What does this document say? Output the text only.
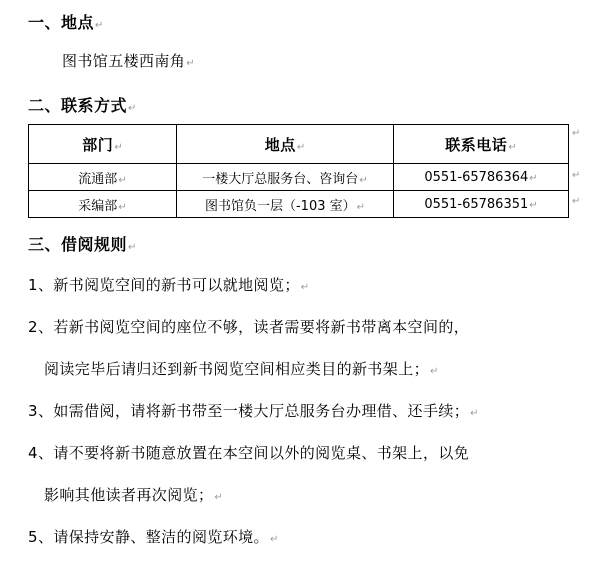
一、地点↵
图书馆五楼西南角↵
二、联系方式↵
部门↵	地点↵	联系电话↵
流通部↵	一楼大厅总服务台、咨询台↵	0551-65786364↵
采编部↵	图书馆负一层（-103 室）↵	0551-65786351↵
↵
↵
↵
三、借阅规则↵
1、新书阅览空间的新书可以就地阅览；↵
2、若新书阅览空间的座位不够，读者需要将新书带离本空间的，
阅读完毕后请归还到新书阅览空间相应类目的新书架上；↵
3、如需借阅，请将新书带至一楼大厅总服务台办理借、还手续；↵
4、请不要将新书随意放置在本空间以外的阅览桌、书架上，以免
影响其他读者再次阅览；↵
5、请保持安静、整洁的阅览环境。↵
